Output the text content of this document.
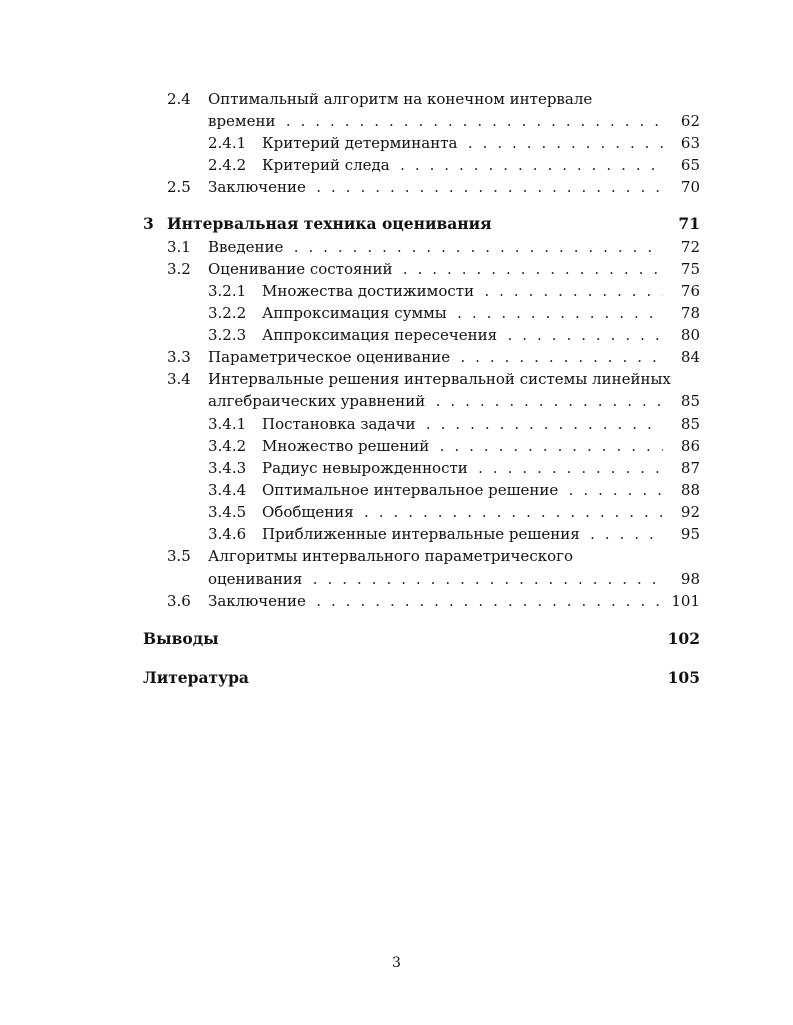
2.4 Оптимальный алгоритм на конечном интервале
времени . . .	62
2.4.1 Критерий детерминанта . . .	63
2.4.2 Критерий следа . . .	65
2.5 Заключение . . .	70
3 Интервальная техника оценивания	71
3.1 Введение . . .	72
3.2 Оценивание состояний . . .	75
3.2.1 Множества достижимости . . .	76
3.2.2 Аппроксимация суммы . . .	78
3.2.3 Аппроксимация пересечения . . .	80
3.3 Параметрическое оценивание . . .	84
3.4 Интервальные решения интервальной системы линейных
алгебраических уравнений . . .	85
3.4.1 Постановка задачи . . .	85
3.4.2 Множество решений . . .	86
3.4.3 Радиус невырожденности . . .	87
3.4.4 Оптимальное интервальное решение . . .	88
3.4.5 Обобщения . . .	92
3.4.6 Приближенные интервальные решения . . .	95
3.5 Алгоритмы интервального параметрического
оценивания . . .	98
3.6 Заключение . . .	101
Выводы	102
Литература	105
3
